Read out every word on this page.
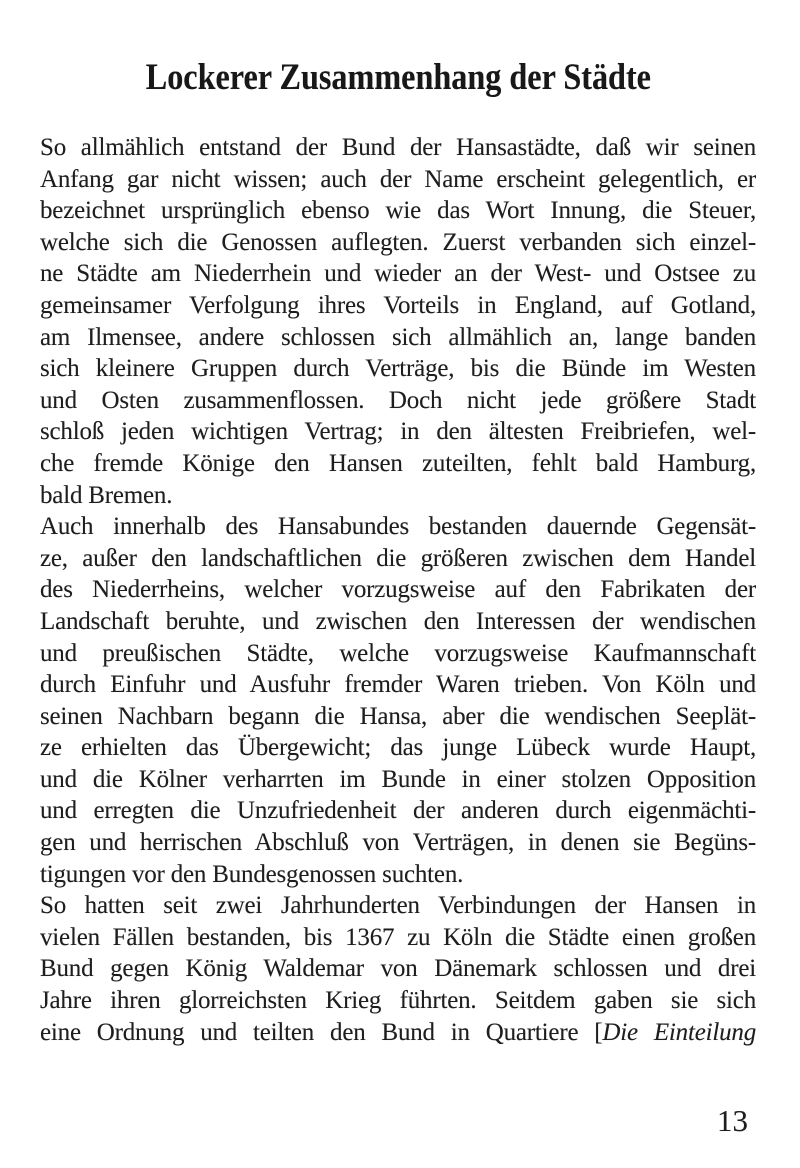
Lockerer Zusammenhang der Städte
So allmählich entstand der Bund der Hansastädte, daß wir seinen
Anfang gar nicht wissen; auch der Name erscheint gelegentlich, er
bezeichnet ursprünglich ebenso wie das Wort Innung, die Steuer,
welche sich die Genossen auflegten. Zuerst verbanden sich einzel-
ne Städte am Niederrhein und wieder an der West- und Ostsee zu
gemeinsamer Verfolgung ihres Vorteils in England, auf Gotland,
am Ilmensee, andere schlossen sich allmählich an, lange banden
sich kleinere Gruppen durch Verträge, bis die Bünde im Westen
und Osten zusammenflossen. Doch nicht jede größere Stadt
schloß jeden wichtigen Vertrag; in den ältesten Freibriefen, wel-
che fremde Könige den Hansen zuteilten, fehlt bald Hamburg,
bald Bremen.
Auch innerhalb des Hansabundes bestanden dauernde Gegensät-
ze, außer den landschaftlichen die größeren zwischen dem Handel
des Niederrheins, welcher vorzugsweise auf den Fabrikaten der
Landschaft beruhte, und zwischen den Interessen der wendischen
und preußischen Städte, welche vorzugsweise Kaufmannschaft
durch Einfuhr und Ausfuhr fremder Waren trieben. Von Köln und
seinen Nachbarn begann die Hansa, aber die wendischen Seeplät-
ze erhielten das Übergewicht; das junge Lübeck wurde Haupt,
und die Kölner verharrten im Bunde in einer stolzen Opposition
und erregten die Unzufriedenheit der anderen durch eigenmächti-
gen und herrischen Abschluß von Verträgen, in denen sie Begüns-
tigungen vor den Bundesgenossen suchten.
So hatten seit zwei Jahrhunderten Verbindungen der Hansen in
vielen Fällen bestanden, bis 1367 zu Köln die Städte einen großen
Bund gegen König Waldemar von Dänemark schlossen und drei
Jahre ihren glorreichsten Krieg führten. Seitdem gaben sie sich
eine Ordnung und teilten den Bund in Quartiere [Die Einteilung
13
